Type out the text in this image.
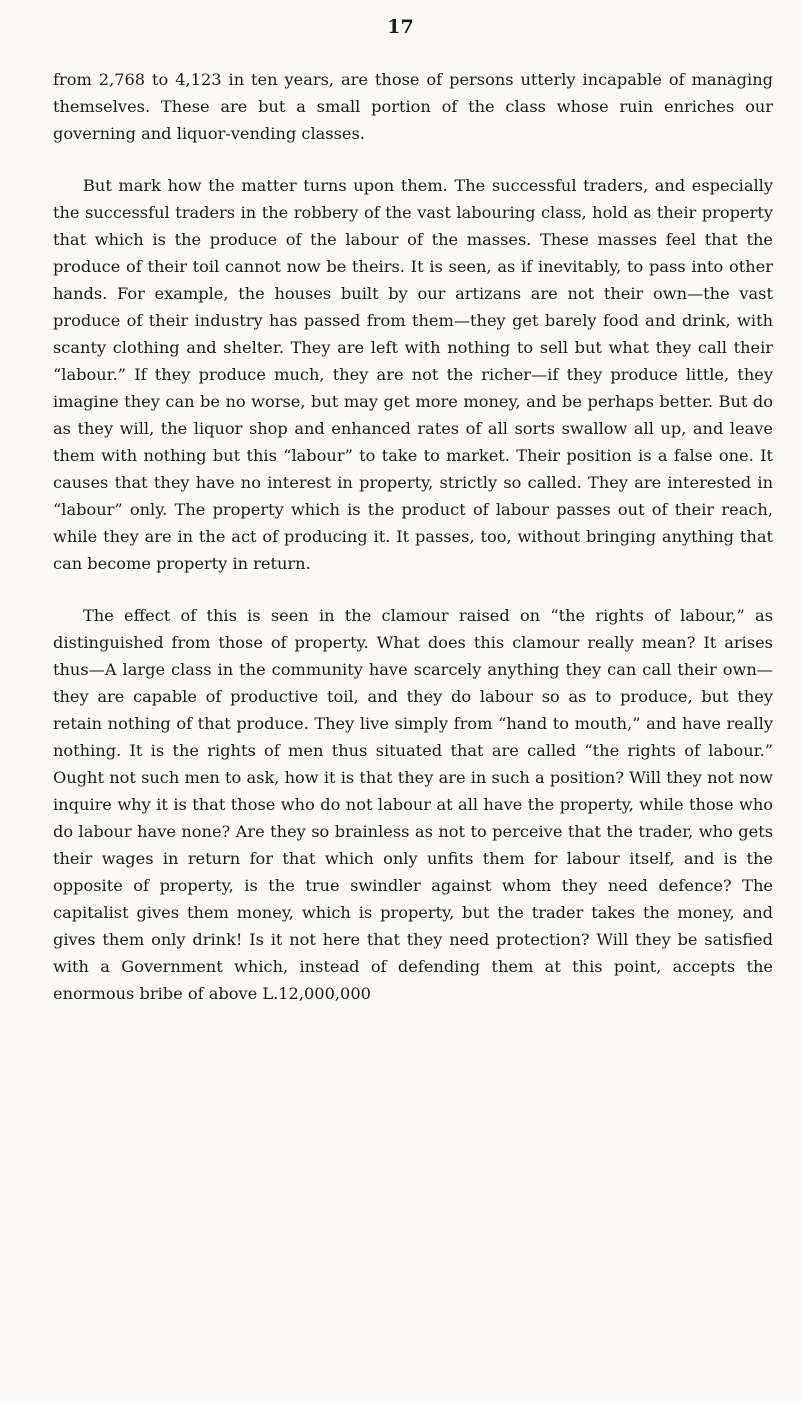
17

from 2,768 to 4,123 in ten years, are those of persons utterly incapable of managing themselves. These are but a small portion of the class whose ruin enriches our governing and liquor-vending classes.

But mark how the matter turns upon them. The successful traders, and especially the successful traders in the robbery of the vast labouring class, hold as their property that which is the produce of the labour of the masses. These masses feel that the produce of their toil cannot now be theirs. It is seen, as if inevitably, to pass into other hands. For example, the houses built by our artizans are not their own—the vast produce of their industry has passed from them—they get barely food and drink, with scanty clothing and shelter. They are left with nothing to sell but what they call their “labour.” If they produce much, they are not the richer—if they produce little, they imagine they can be no worse, but may get more money, and be perhaps better. But do as they will, the liquor shop and enhanced rates of all sorts swallow all up, and leave them with nothing but this “labour” to take to market. Their position is a false one. It causes that they have no interest in property, strictly so called. They are interested in “labour” only. The property which is the product of labour passes out of their reach, while they are in the act of producing it. It passes, too, without bringing anything that can become property in return.

The effect of this is seen in the clamour raised on “the rights of labour,” as distinguished from those of property. What does this clamour really mean? It arises thus—A large class in the community have scarcely anything they can call their own—they are capable of productive toil, and they do labour so as to produce, but they retain nothing of that produce. They live simply from “hand to mouth,” and have really nothing. It is the rights of men thus situated that are called “the rights of labour.” Ought not such men to ask, how it is that they are in such a position? Will they not now inquire why it is that those who do not labour at all have the property, while those who do labour have none? Are they so brainless as not to perceive that the trader, who gets their wages in return for that which only unfits them for labour itself, and is the opposite of property, is the true swindler against whom they need defence? The capitalist gives them money, which is property, but the trader takes the money, and gives them only drink! Is it not here that they need protection? Will they be satisfied with a Government which, instead of defending them at this point, accepts the enormous bribe of above L.12,000,000
